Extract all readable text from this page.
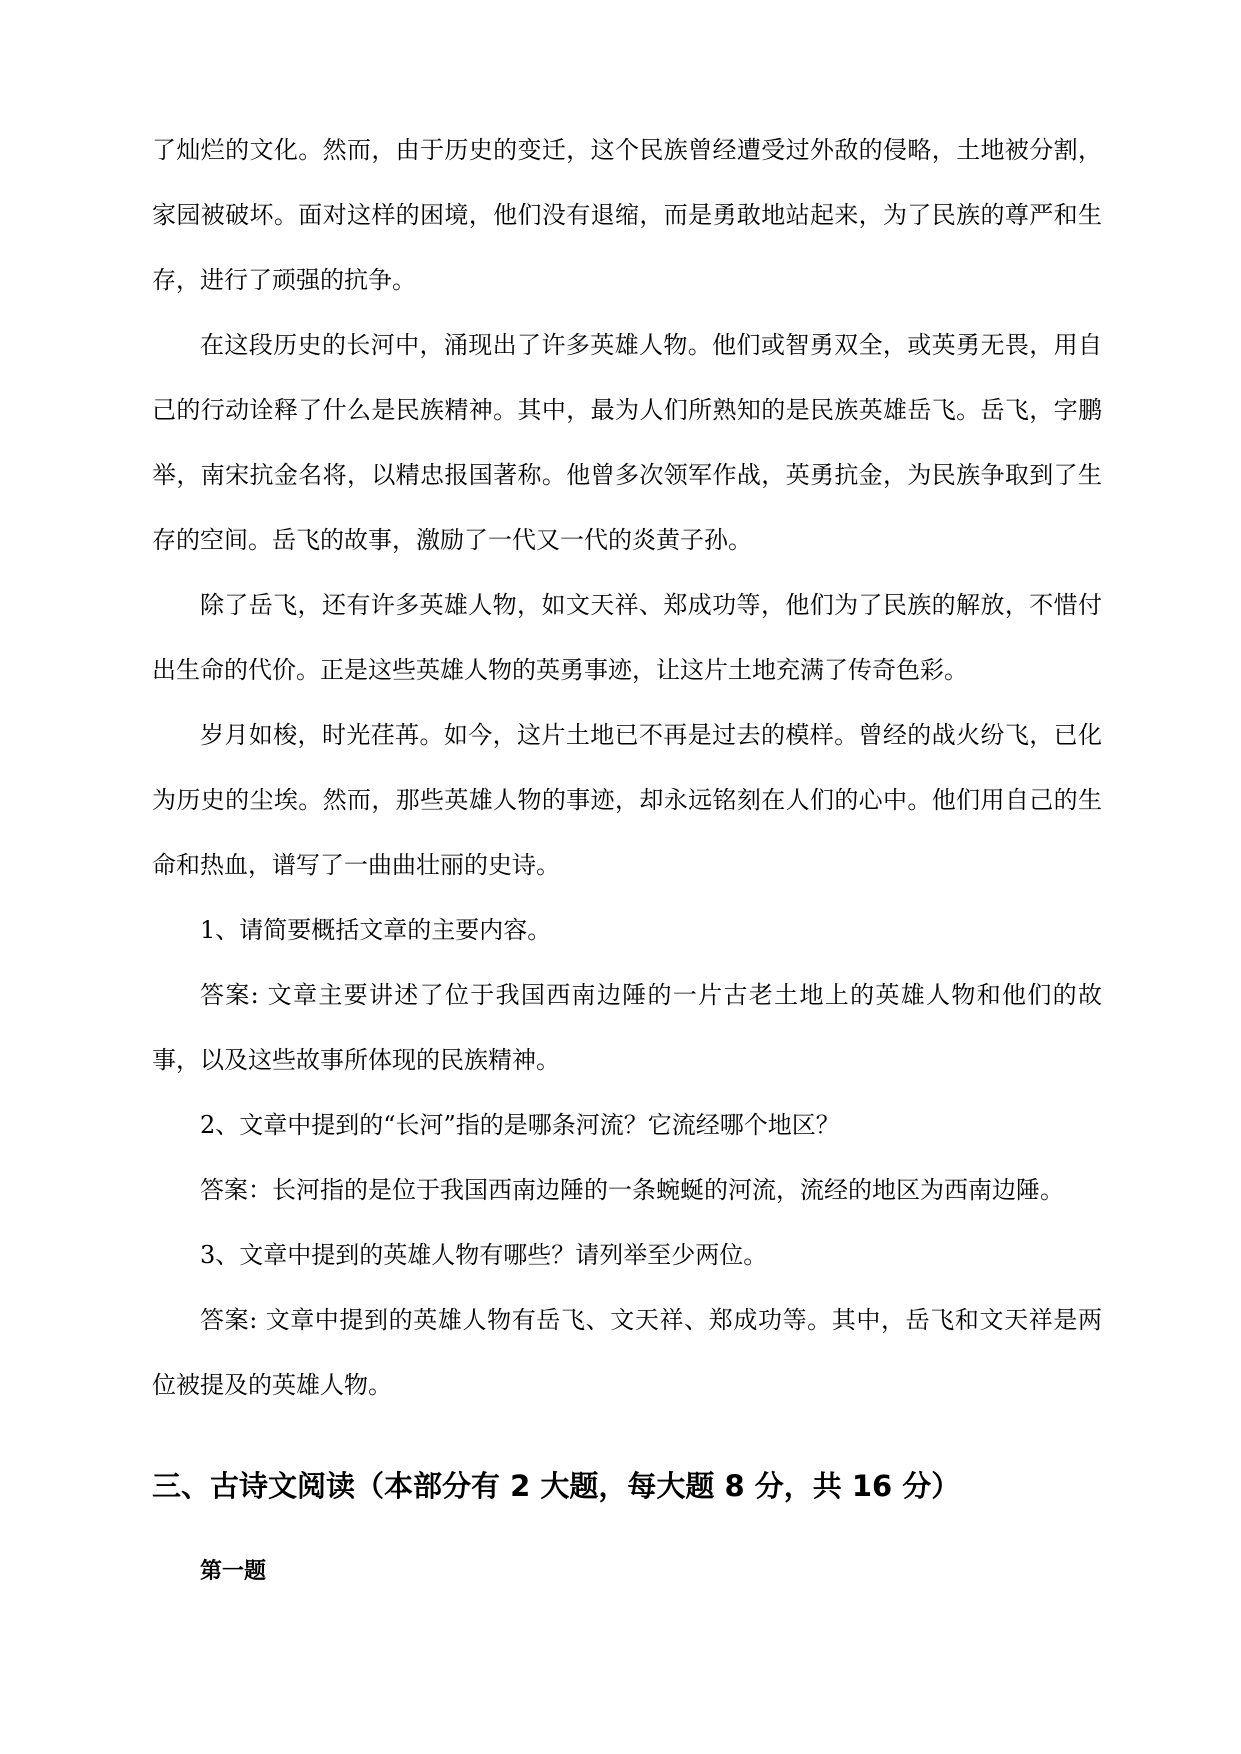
了灿烂的文化。然而，由于历史的变迁，这个民族曾经遭受过外敌的侵略，土地被分割，家园被破坏。面对这样的困境，他们没有退缩，而是勇敢地站起来，为了民族的尊严和生存，进行了顽强的抗争。

在这段历史的长河中，涌现出了许多英雄人物。他们或智勇双全，或英勇无畏，用自己的行动诠释了什么是民族精神。其中，最为人们所熟知的是民族英雄岳飞。岳飞，字鹏举，南宋抗金名将，以精忠报国著称。他曾多次领军作战，英勇抗金，为民族争取到了生存的空间。岳飞的故事，激励了一代又一代的炎黄子孙。

除了岳飞，还有许多英雄人物，如文天祥、郑成功等，他们为了民族的解放，不惜付出生命的代价。正是这些英雄人物的英勇事迹，让这片土地充满了传奇色彩。

岁月如梭，时光荏苒。如今，这片土地已不再是过去的模样。曾经的战火纷飞，已化为历史的尘埃。然而，那些英雄人物的事迹，却永远铭刻在人们的心中。他们用自己的生命和热血，谱写了一曲曲壮丽的史诗。

1、请简要概括文章的主要内容。

答案: 文章主要讲述了位于我国西南边陲的一片古老土地上的英雄人物和他们的故事，以及这些故事所体现的民族精神。

2、文章中提到的“长河”指的是哪条河流？它流经哪个地区？

答案：长河指的是位于我国西南边陲的一条蜿蜒的河流，流经的地区为西南边陲。

3、文章中提到的英雄人物有哪些？请列举至少两位。

答案: 文章中提到的英雄人物有岳飞、文天祥、郑成功等。其中，岳飞和文天祥是两位被提及的英雄人物。

三、古诗文阅读（本部分有 2 大题，每大题 8 分，共 16 分）
第一题
